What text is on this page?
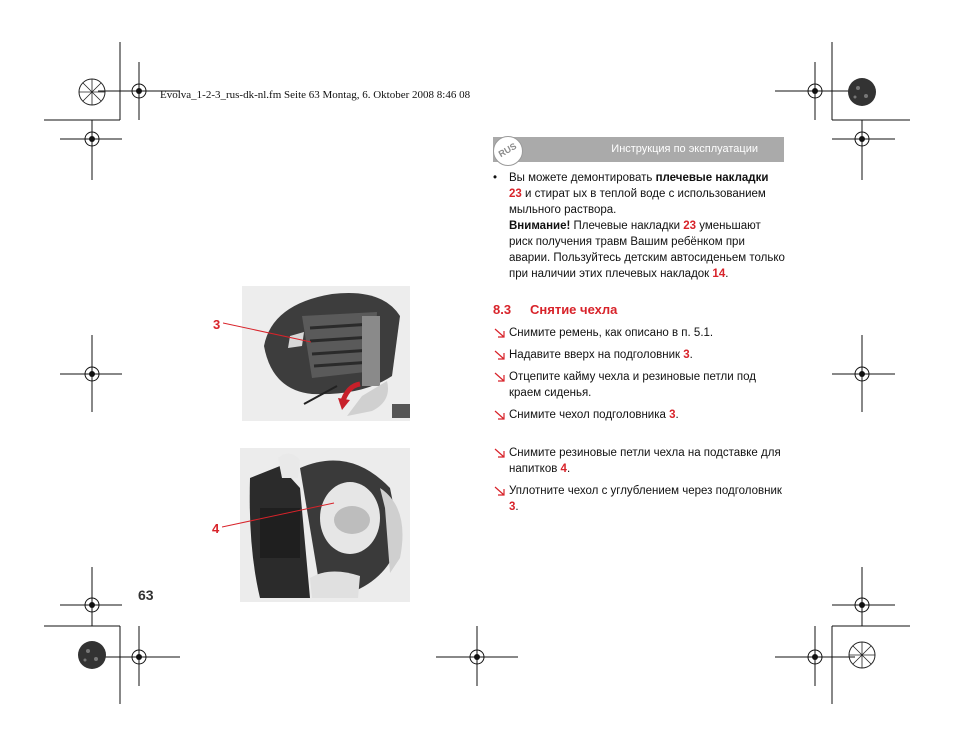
Evolva_1-2-3_rus-dk-nl.fm Seite 63 Montag, 6. Oktober 2008 8:46 08
RUS	Инструкция по эксплуатации
• Вы можете демонтировать плечевые накладки
23 и стират ых в теплой воде с использованием мыльного раствора.
Внимание! Плечевые накладки 23 уменьшают риск получения травм Вашим ребёнком при аварии. Пользуйтесь детским автосиденьем только при наличии этих плечевых накладок 14.
8.3 Снятие чехла
Снимите ремень, как описано в п. 5.1.
Надавите вверх на подголовник 3.
Отцепите кайму чехла и резиновые петли под краем сиденья.
Снимите чехол подголовника 3.
Снимите резиновые петли чехла на подставке для напитков 4.
Уплотните чехол с углублением через подголовник 3.
3
4
63
